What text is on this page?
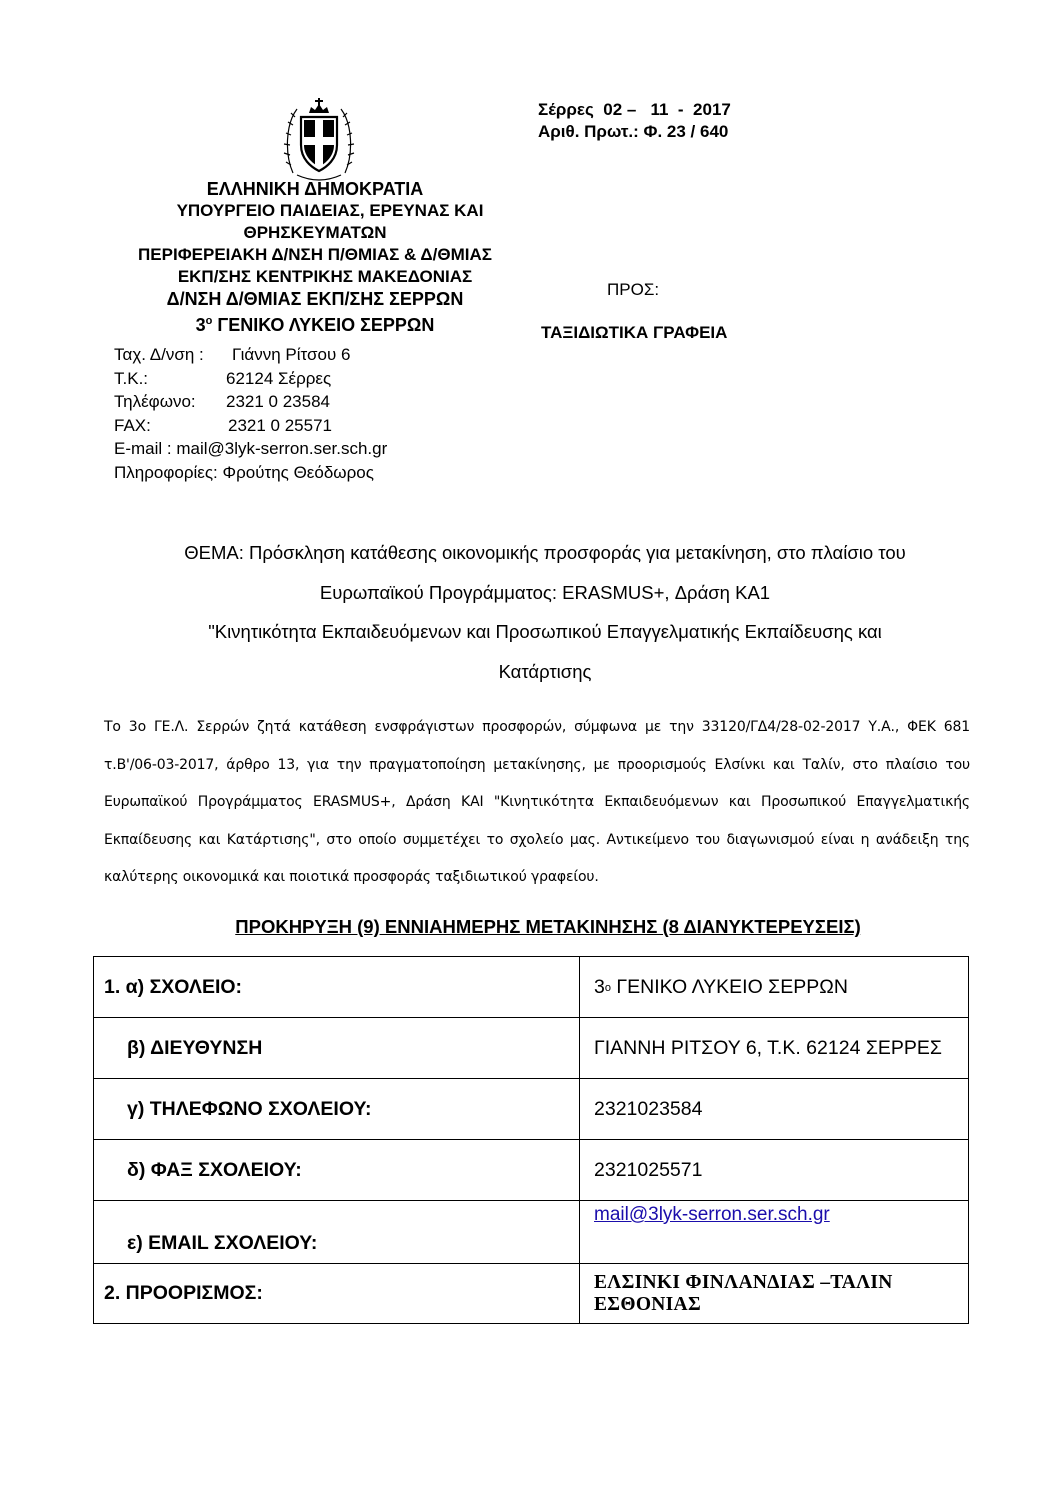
Σέρρες  02 –   11  -  2017
Αριθ. Πρωτ.: Φ. 23 / 640
ΕΛΛΗΝΙΚΗ ΔΗΜΟΚΡΑΤΙΑ
ΥΠΟΥΡΓΕΙΟ ΠΑΙΔΕΙΑΣ, ΕΡΕΥΝΑΣ ΚΑΙ
ΘΡΗΣΚΕΥΜΑΤΩΝ
ΠΕΡΙΦΕΡΕΙΑΚΗ Δ/ΝΣΗ Π/ΘΜΙΑΣ & Δ/ΘΜΙΑΣ
ΕΚΠ/ΣΗΣ ΚΕΝΤΡΙΚΗΣ ΜΑΚΕΔΟΝΙΑΣ
Δ/ΝΣΗ Δ/ΘΜΙΑΣ ΕΚΠ/ΣΗΣ ΣΕΡΡΩΝ
$3^o$ ΓΕΝΙΚΟ ΛΥΚΕΙΟ ΣΕΡΡΩΝ
Ταχ. Δ/νση :	Γιάννη Ρίτσου 6
Τ.Κ.:	62124 Σέρρες
Τηλέφωνο:	2321 0 23584
FAX:	2321 0 25571
E-mail : mail@3lyk-serron.ser.sch.gr
Πληροφορίες: Φρούτης Θεόδωρος
ΠΡΟΣ:
ΤΑΞΙΔΙΩΤΙΚΑ ΓΡΑΦΕΙΑ
ΘΕΜΑ: Πρόσκληση κατάθεσης οικονομικής προσφοράς για μετακίνηση, στο πλαίσιο του
Ευρωπαϊκού Προγράμματος: ERASMUS+, Δράση ΚΑ1
"Κινητικότητα Εκπαιδευόμενων και Προσωπικού Επαγγελματικής Εκπαίδευσης και
Κατάρτισης
Το 3ο ΓΕ.Λ. Σερρών ζητά κατάθεση ενσφράγιστων προσφορών, σύμφωνα με την 33120/ΓΔ4/28-02-2017 Υ.Α., ΦΕΚ 681 τ.Β'/06-03-2017, άρθρο 13, για την πραγματοποίηση μετακίνησης, με προορισμούς Ελσίνκι και Ταλίν, στο πλαίσιο του Ευρωπαϊκού Προγράμματος ERASMUS+, Δράση ΚΑΙ "Κινητικότητα Εκπαιδευόμενων και Προσωπικού Επαγγελματικής Εκπαίδευσης και Κατάρτισης", στο οποίο συμμετέχει το σχολείο μας. Αντικείμενο του διαγωνισμού είναι η ανάδειξη της καλύτερης οικονομικά και ποιοτικά προσφοράς ταξιδιωτικού γραφείου.
ΠΡΟΚΗΡΥΞΗ (9) ΕΝΝΙΑΗΜΕΡΗΣ ΜΕΤΑΚΙΝΗΣΗΣ (8 ΔΙΑΝΥΚΤΕΡΕΥΣΕΙΣ)
1. α) ΣΧΟΛΕΙΟ:	$3_o$ ΓΕΝΙΚΟ ΛΥΚΕΙΟ ΣΕΡΡΩΝ
β) ΔΙΕΥΘΥΝΣΗ	ΓΙΑΝΝΗ ΡΙΤΣΟΥ 6, Τ.Κ. 62124 ΣΕΡΡΕΣ
γ) ΤΗΛΕΦΩΝΟ ΣΧΟΛΕΙΟΥ:	2321023584
δ) ΦΑΞ ΣΧΟΛΕΙΟΥ:	2321025571
ε) EMAIL ΣΧΟΛΕΙΟΥ:	mail@3lyk-serron.ser.sch.gr
2. ΠΡΟΟΡΙΣΜΟΣ:	ΕΛΣΙΝΚΙ ΦΙΝΛΑΝΔΙΑΣ –ΤΑΛΙΝ ΕΣΘΟΝΙΑΣ
